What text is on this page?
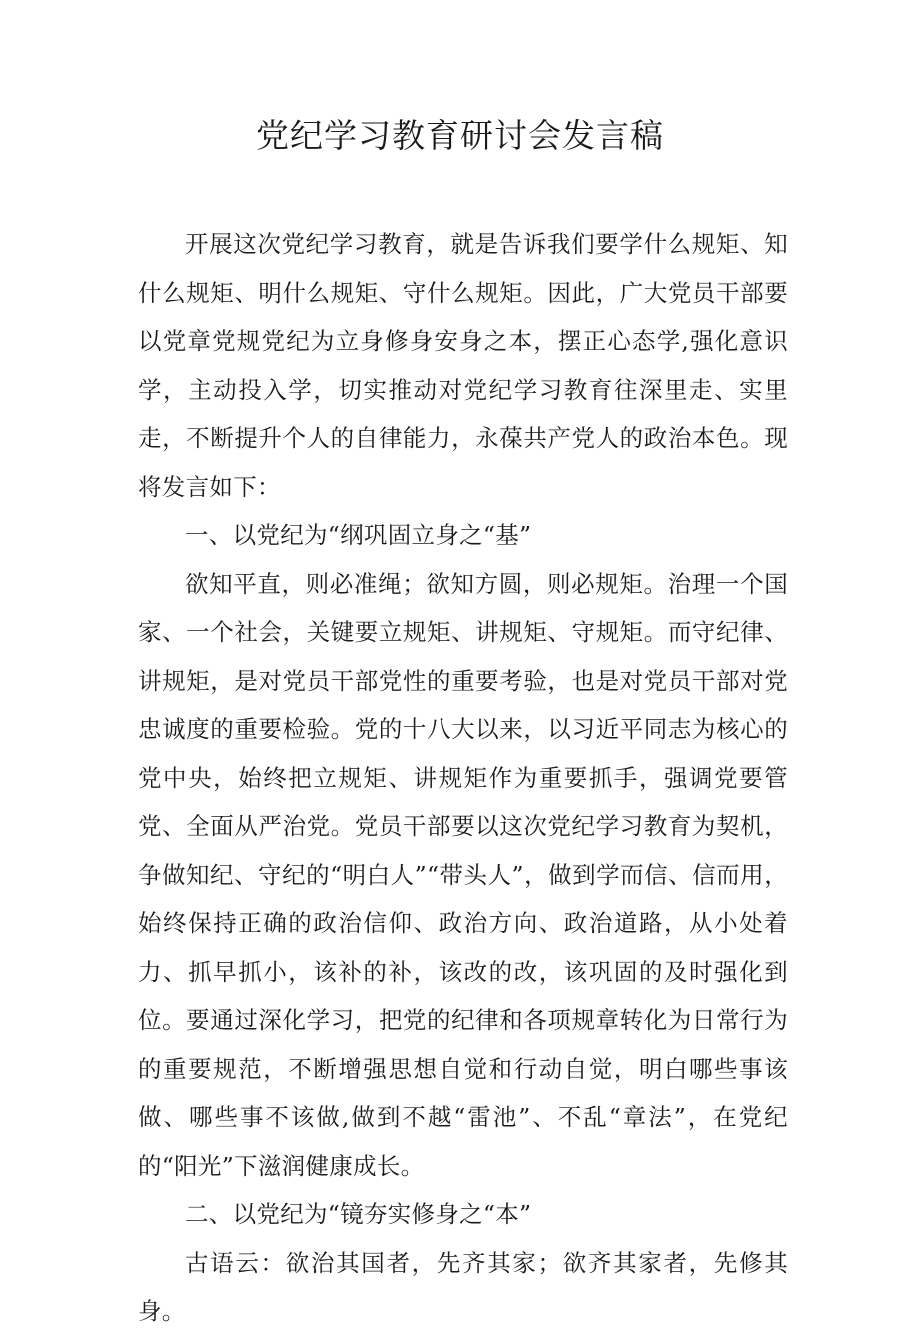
党纪学习教育研讨会发言稿

开展这次党纪学习教育，就是告诉我们要学什么规矩、知什么规矩、明什么规矩、守什么规矩。因此，广大党员干部要以党章党规党纪为立身修身安身之本，摆正心态学,强化意识学，主动投入学，切实推动对党纪学习教育往深里走、实里走，不断提升个人的自律能力，永葆共产党人的政治本色。现将发言如下：

一、以党纪为“纲巩固立身之“基”

欲知平直，则必准绳；欲知方圆，则必规矩。治理一个国家、一个社会，关键要立规矩、讲规矩、守规矩。而守纪律、讲规矩，是对党员干部党性的重要考验，也是对党员干部对党忠诚度的重要检验。党的十八大以来，以习近平同志为核心的党中央，始终把立规矩、讲规矩作为重要抓手，强调党要管党、全面从严治党。党员干部要以这次党纪学习教育为契机，争做知纪、守纪的“明白人”“带头人”，做到学而信、信而用，始终保持正确的政治信仰、政治方向、政治道路，从小处着力、抓早抓小，该补的补，该改的改，该巩固的及时强化到位。要通过深化学习，把党的纪律和各项规章转化为日常行为的重要规范，不断增强思想自觉和行动自觉，明白哪些事该做、哪些事不该做,做到不越“雷池”、不乱“章法”，在党纪的“阳光”下滋润健康成长。

二、以党纪为“镜夯实修身之“本”

古语云：欲治其国者，先齐其家；欲齐其家者，先修其身。
